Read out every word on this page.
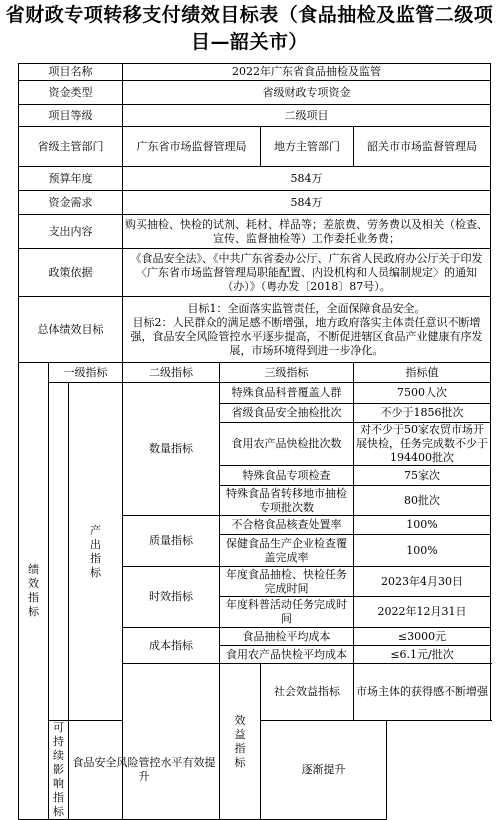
省财政专项转移支付绩效目标表（食品抽检及监管二级项目—韶关市）
项目名称			2022年广东省食品抽检及监管				
资金类型			省级财政专项资金				
项目等级			二级项目				
省级主管部门			广东省市场监督管理局		地方主管部门	韶关市市场监督管理局	
预算年度			584万				
资金需求			584万				
支出内容			购买抽检、快检的试剂、耗材、样品等；差旅费、劳务费以及相关（检查、宣传、监督抽检等）工作委托业务费；				
政策依据			《食品安全法》、《中共广东省委办公厅、广东省人民政府办公厅关于印发〈广东省市场监督管理局职能配置、内设机构和人员编制规定〉的通知（办）》（粤办发〔2018〕87号）。				
总体绩效目标			目标1：全面落实监管责任，全面保障食品安全。
目标2：人民群众的满足感不断增强，地方政府落实主体责任意识不断增强，食品安全风险管控水平逐步提高，不断促进辖区食品产业健康有序发展，市场环境得到进一步净化。				

绩效指标	一级指标		二级指标	三级指标		指标值	

		产出指标	数量指标	特殊食品科普覆盖人群		7500人次	
				省级食品安全抽检批次		不少于1856批次	
				食用农产品快检批次数		对不少于50家农贸市场开展快检，任务完成数不少于194400批次	
				特殊食品专项检查		75家次	
				特殊食品省转移地市抽检专项批次数		80批次	
			质量指标	不合格食品核查处置率		100%	
				保健食品生产企业检查覆盖完成率		100%	
			时效指标	年度食品抽检、快检任务完成时间		2023年4月30日	
				年度科普活动任务完成时间		2022年12月31日	
			成本指标	食品抽检平均成本		≤3000元	
				食用农产品快检平均成本		≤6.1元/批次	

				效益指标	社会效益指标	市场主体的获得感不断增强	
	可持续影响指标	食品安全风险管控水平有效提升			逐渐提升		
